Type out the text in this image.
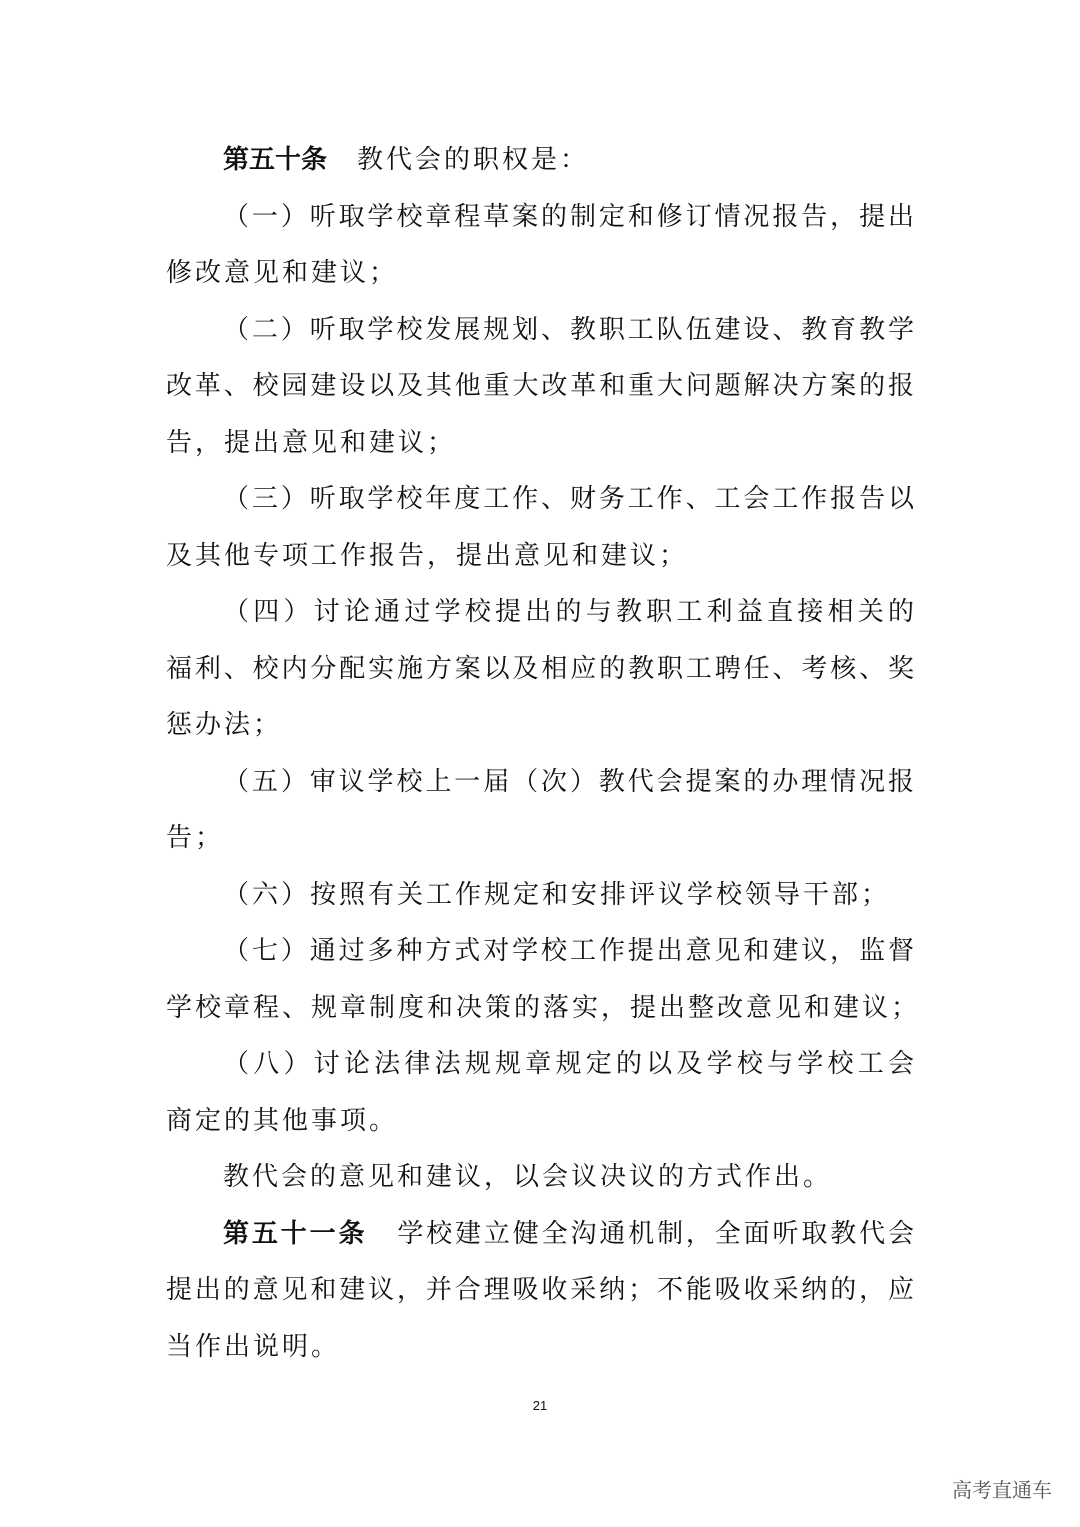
第五十条 教代会的职权是：
（一）听取学校章程草案的制定和修订情况报告，提出
修改意见和建议；
（二）听取学校发展规划、教职工队伍建设、教育教学
改革、校园建设以及其他重大改革和重大问题解决方案的报
告，提出意见和建议；
（三）听取学校年度工作、财务工作、工会工作报告以
及其他专项工作报告，提出意见和建议；
（四）讨论通过学校提出的与教职工利益直接相关的
福利、校内分配实施方案以及相应的教职工聘任、考核、奖
惩办法；
（五）审议学校上一届（次）教代会提案的办理情况报
告；
（六）按照有关工作规定和安排评议学校领导干部；
（七）通过多种方式对学校工作提出意见和建议，监督
学校章程、规章制度和决策的落实，提出整改意见和建议；
（八）讨论法律法规规章规定的以及学校与学校工会
商定的其他事项。
教代会的意见和建议，以会议决议的方式作出。
第五十一条 学校建立健全沟通机制，全面听取教代会
提出的意见和建议，并合理吸收采纳；不能吸收采纳的，应
当作出说明。
21
高考直通车
